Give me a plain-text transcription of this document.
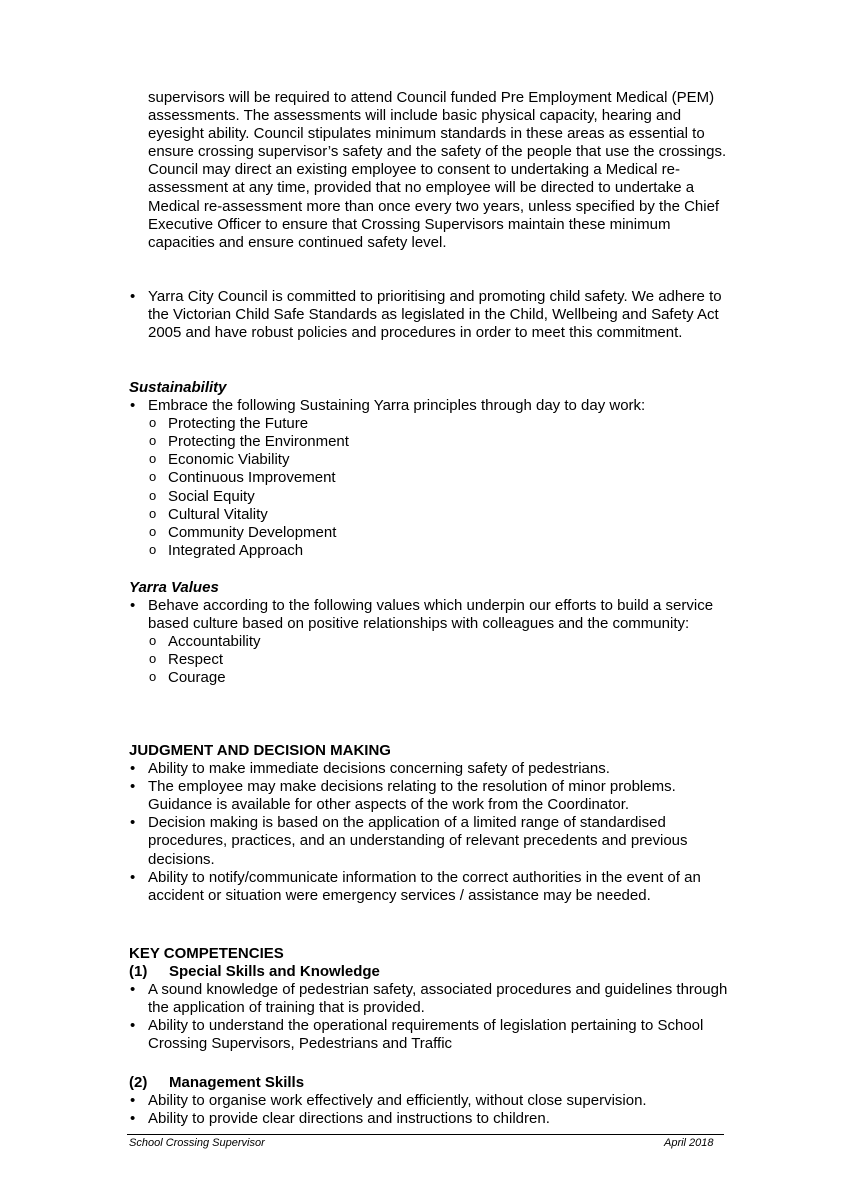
supervisors will be required to attend Council funded Pre Employment Medical (PEM) assessments. The assessments will include basic physical capacity, hearing and eyesight ability. Council stipulates minimum standards in these areas as essential to ensure crossing supervisor’s safety and the safety of the people that use the crossings. Council may direct an existing employee to consent to undertaking a Medical re-assessment at any time, provided that no employee will be directed to undertake a Medical re-assessment more than once every two years, unless specified by the Chief Executive Officer to ensure that Crossing Supervisors maintain these minimum capacities and ensure continued safety level.

• Yarra City Council is committed to prioritising and promoting child safety. We adhere to the Victorian Child Safe Standards as legislated in the Child, Wellbeing and Safety Act 2005 and have robust policies and procedures in order to meet this commitment.
Sustainability
• Embrace the following Sustaining Yarra principles through day to day work:
o Protecting the Future
o Protecting the Environment
o Economic Viability
o Continuous Improvement
o Social Equity
o Cultural Vitality
o Community Development
o Integrated Approach
Yarra Values
• Behave according to the following values which underpin our efforts to build a service based culture based on positive relationships with colleagues and the community:
o Accountability
o Respect
o Courage
JUDGMENT AND DECISION MAKING
• Ability to make immediate decisions concerning safety of pedestrians.
• The employee may make decisions relating to the resolution of minor problems. Guidance is available for other aspects of the work from the Coordinator.
• Decision making is based on the application of a limited range of standardised procedures, practices, and an understanding of relevant precedents and previous decisions.
• Ability to notify/communicate information to the correct authorities in the event of an accident or situation were emergency services / assistance may be needed.
KEY COMPETENCIES
(1) Special Skills and Knowledge
• A sound knowledge of pedestrian safety, associated procedures and guidelines through the application of training that is provided.
• Ability to understand the operational requirements of legislation pertaining to School Crossing Supervisors, Pedestrians and Traffic
(2) Management Skills
• Ability to organise work effectively and efficiently, without close supervision.
• Ability to provide clear directions and instructions to children.
School Crossing Supervisor	April 2018
